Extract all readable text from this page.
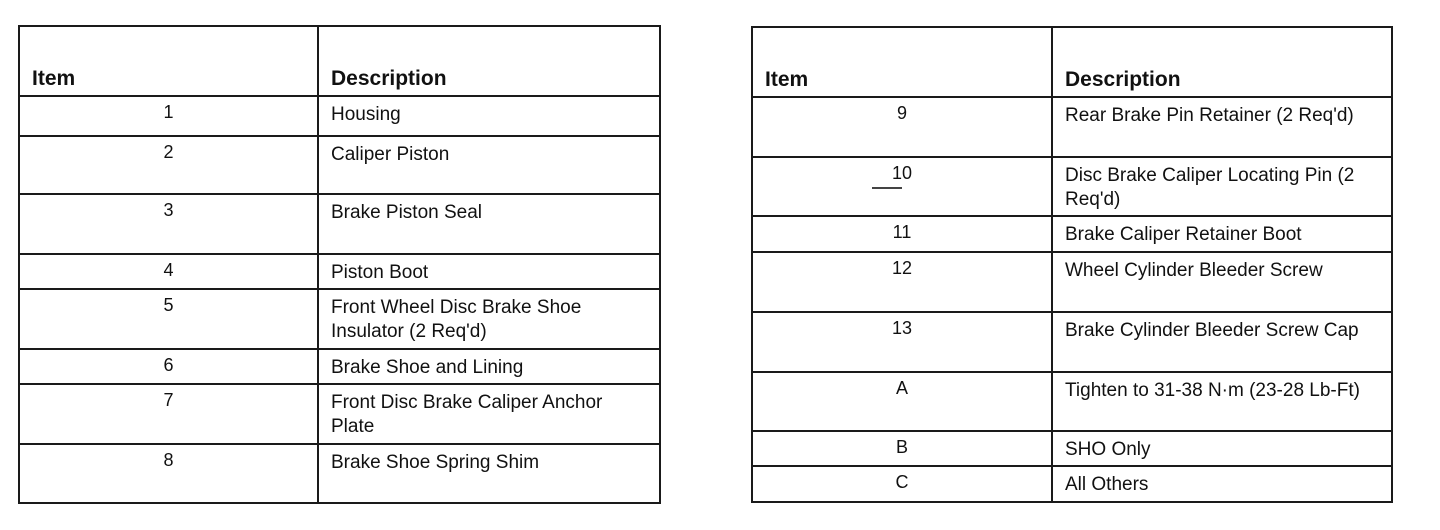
Item	Description
1	Housing
2	Caliper Piston
3	Brake Piston Seal
4	Piston Boot
5	Front Wheel Disc Brake Shoe Insulator (2 Req'd)
6	Brake Shoe and Lining
7	Front Disc Brake Caliper Anchor Plate
8	Brake Shoe Spring Shim
Item	Description
9	Rear Brake Pin Retainer (2 Req'd)
10	Disc Brake Caliper Locating Pin (2 Req'd)
11	Brake Caliper Retainer Boot
12	Wheel Cylinder Bleeder Screw
13	Brake Cylinder Bleeder Screw Cap
A	Tighten to 31-38 N·m (23-28 Lb-Ft)
B	SHO Only
C	All Others
